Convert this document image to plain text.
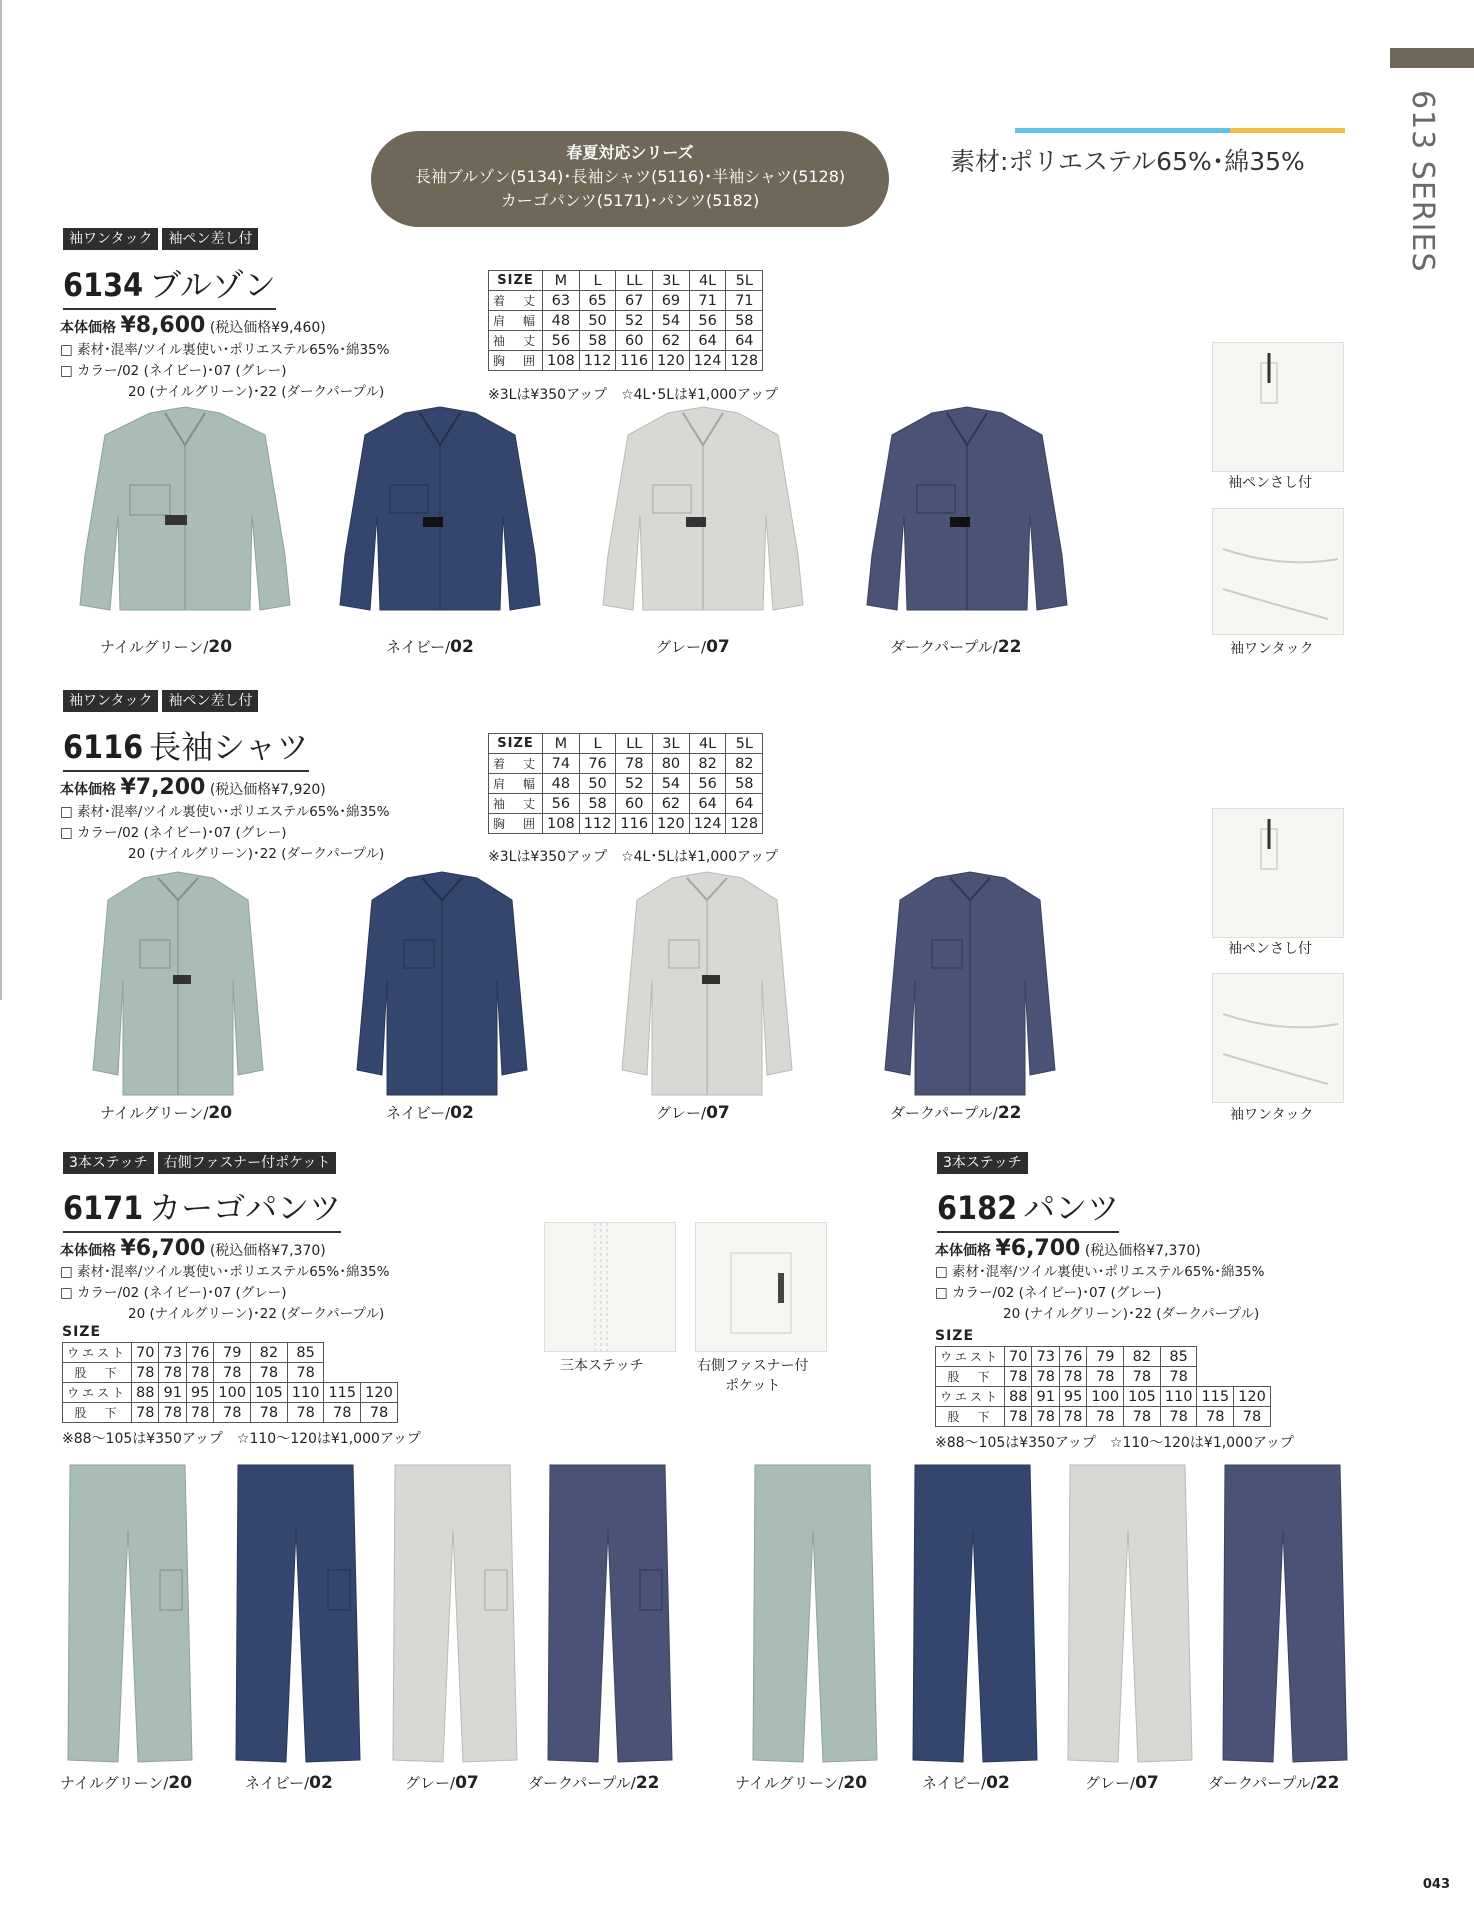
613 SERIES
春夏対応シリーズ
長袖ブルゾン(5134)･長袖シャツ(5116)･半袖シャツ(5128)
カーゴパンツ(5171)･パンツ(5182)
素材:ポリエステル65%･綿35%
袖ワンタック	袖ペン差し付
6134 ブルゾン
本体価格 ¥8,600 (税込価格¥9,460)
□ 素材･混率/ツイル裏使い･ポリエステル65%･綿35%
□ カラー/02 (ネイビー)･07 (グレー)
20 (ナイルグリーン)･22 (ダークパープル)
SIZE	M	L	LL	3L	4L	5L
着　丈	63	65	67	69	71	71
肩　幅	48	50	52	54	56	58
袖　丈	56	58	60	62	64	64
胸　囲	108	112	116	120	124	128
※3Lは¥350アップ　☆4L･5Lは¥1,000アップ
ナイルグリーン/20	ネイビー/02	グレー/07	ダークパープル/22
袖ペンさし付
袖ワンタック
袖ワンタック	袖ペン差し付
6116 長袖シャツ
本体価格 ¥7,200 (税込価格¥7,920)
□ 素材･混率/ツイル裏使い･ポリエステル65%･綿35%
□ カラー/02 (ネイビー)･07 (グレー)
20 (ナイルグリーン)･22 (ダークパープル)
SIZE	M	L	LL	3L	4L	5L
着　丈	74	76	78	80	82	82
肩　幅	48	50	52	54	56	58
袖　丈	56	58	60	62	64	64
胸　囲	108	112	116	120	124	128
※3Lは¥350アップ　☆4L･5Lは¥1,000アップ
ナイルグリーン/20	ネイビー/02	グレー/07	ダークパープル/22
袖ペンさし付
袖ワンタック
3本ステッチ	右側ファスナー付ポケット
6171 カーゴパンツ
本体価格 ¥6,700 (税込価格¥7,370)
□ 素材･混率/ツイル裏使い･ポリエステル65%･綿35%
□ カラー/02 (ネイビー)･07 (グレー)
20 (ナイルグリーン)･22 (ダークパープル)
SIZE
ウエスト	70	73	76	79	82	85		
股　下	78	78	78	78	78	78		
ウエスト	88	91	95	100	105	110	115	120
股　下	78	78	78	78	78	78	78	78
※88～105は¥350アップ　☆110～120は¥1,000アップ
三本ステッチ	右側ファスナー付
ポケット
3本ステッチ
6182 パンツ
本体価格 ¥6,700 (税込価格¥7,370)
□ 素材･混率/ツイル裏使い･ポリエステル65%･綿35%
□ カラー/02 (ネイビー)･07 (グレー)
20 (ナイルグリーン)･22 (ダークパープル)
SIZE
ウエスト	70	73	76	79	82	85		
股　下	78	78	78	78	78	78		
ウエスト	88	91	95	100	105	110	115	120
股　下	78	78	78	78	78	78	78	78
※88～105は¥350アップ　☆110～120は¥1,000アップ
ナイルグリーン/20	ネイビー/02	グレー/07	ダークパープル/22	ナイルグリーン/20	ネイビー/02	グレー/07	ダークパープル/22
043
